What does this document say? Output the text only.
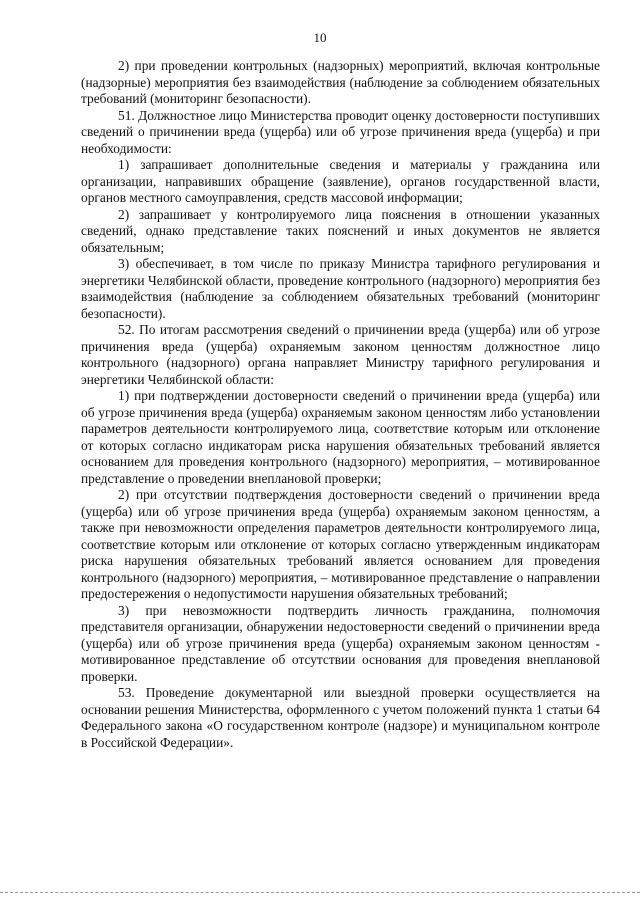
10

2) при проведении контрольных (надзорных) мероприятий, включая контрольные (надзорные) мероприятия без взаимодействия (наблюдение за соблюдением обязательных требований (мониторинг безопасности).

51. Должностное лицо Министерства проводит оценку достоверности поступивших сведений о причинении вреда (ущерба) или об угрозе причинения вреда (ущерба) и при необходимости:

1) запрашивает дополнительные сведения и материалы у гражданина или организации, направивших обращение (заявление), органов государственной власти, органов местного самоуправления, средств массовой информации;

2) запрашивает у контролируемого лица пояснения в отношении указанных сведений, однако представление таких пояснений и иных документов не является обязательным;

3) обеспечивает, в том числе по приказу Министра тарифного регулирования и энергетики Челябинской области, проведение контрольного (надзорного) мероприятия без взаимодействия (наблюдение за соблюдением обязательных требований (мониторинг безопасности).

52. По итогам рассмотрения сведений о причинении вреда (ущерба) или об угрозе причинения вреда (ущерба) охраняемым законом ценностям должностное лицо контрольного (надзорного) органа направляет Министру тарифного регулирования и энергетики Челябинской области:

1) при подтверждении достоверности сведений о причинении вреда (ущерба) или об угрозе причинения вреда (ущерба) охраняемым законом ценностям либо установлении параметров деятельности контролируемого лица, соответствие которым или отклонение от которых согласно индикаторам риска нарушения обязательных требований является основанием для проведения контрольного (надзорного) мероприятия, – мотивированное представление о проведении внеплановой проверки;

2) при отсутствии подтверждения достоверности сведений о причинении вреда (ущерба) или об угрозе причинения вреда (ущерба) охраняемым законом ценностям, а также при невозможности определения параметров деятельности контролируемого лица, соответствие которым или отклонение от которых согласно утвержденным индикаторам риска нарушения обязательных требований является основанием для проведения контрольного (надзорного) мероприятия, – мотивированное представление о направлении предостережения о недопустимости нарушения обязательных требований;

3) при невозможности подтвердить личность гражданина, полномочия представителя организации, обнаружении недостоверности сведений о причинении вреда (ущерба) или об угрозе причинения вреда (ущерба) охраняемым законом ценностям - мотивированное представление об отсутствии основания для проведения внеплановой проверки.

53. Проведение документарной или выездной проверки осуществляется на основании решения Министерства, оформленного с учетом положений пункта 1 статьи 64 Федерального закона «О государственном контроле (надзоре) и муниципальном контроле в Российской Федерации».
